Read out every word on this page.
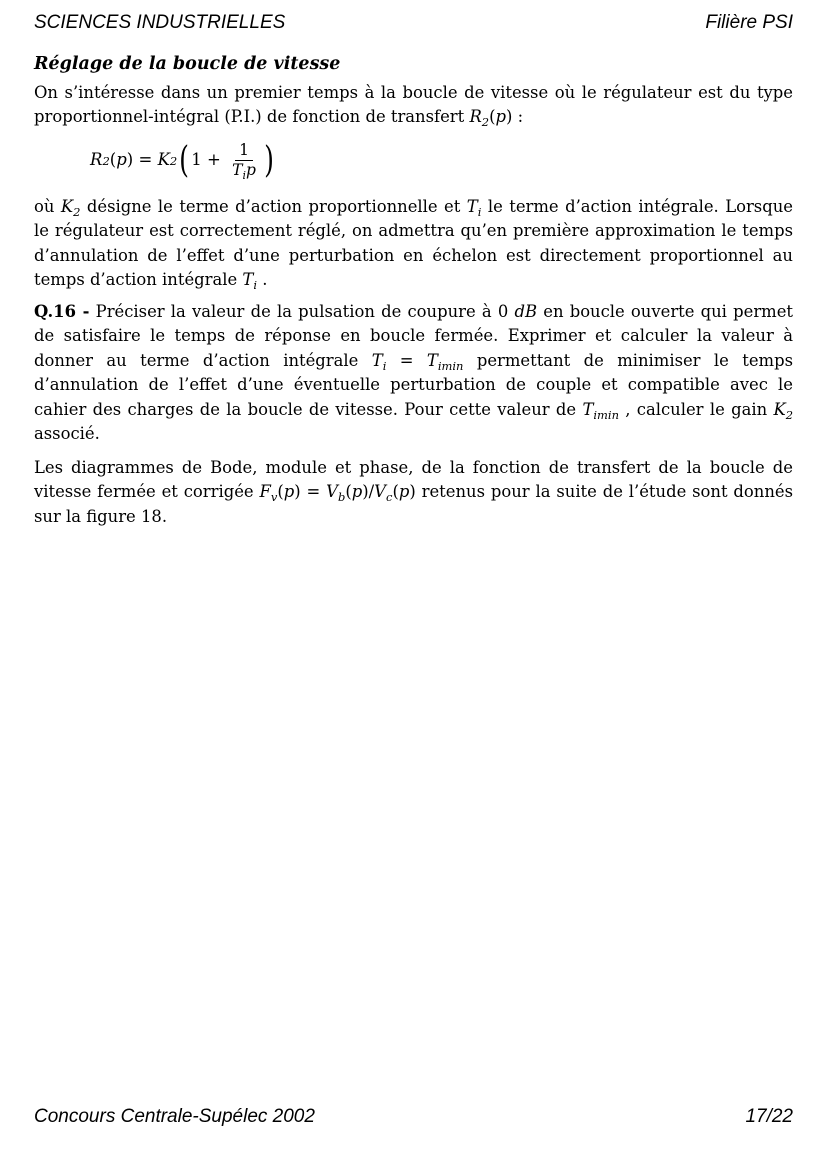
SCIENCES INDUSTRIELLES	Filière PSI
Réglage de la boucle de vitesse

On s’intéresse dans un premier temps à la boucle de vitesse où le régulateur est du type proportionnel-intégral (P.I.) de fonction de transfert $R_2(p)$ :

R 2 ( p ) = K 2 ( $1 + \frac{1}{T_ip}$ )

où $K_2$ désigne le terme d’action proportionnelle et $T_i$ le terme d’action intégrale. Lorsque le régulateur est correctement réglé, on admettra qu’en première approximation le temps d’annulation de l’effet d’une perturbation en échelon est directement proportionnel au temps d’action intégrale $T_i$ .

Q.16 - Préciser la valeur de la pulsation de coupure à 0 dB en boucle ouverte qui permet de satisfaire le temps de réponse en boucle fermée. Exprimer et calculer la valeur à donner au terme d’action intégrale $T_i = T_{imin}$ permettant de minimiser le temps d’annulation de l’effet d’une éventuelle perturbation de couple et compatible avec le cahier des charges de la boucle de vitesse. Pour cette valeur de $T_{imin}$ , calculer le gain $K_2$ associé.

Les diagrammes de Bode, module et phase, de la fonction de transfert de la boucle de vitesse fermée et corrigée $F_v(p) = V_b(p)/V_c(p)$ retenus pour la suite de l’étude sont donnés sur la figure 18.

Concours Centrale-Supélec 2002	17/22
